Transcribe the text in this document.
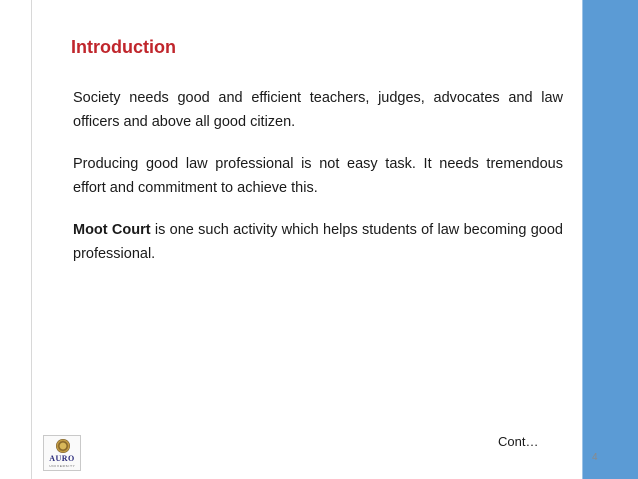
Introduction

Society needs good and efficient teachers, judges, advocates and law officers and above all good citizen.

Producing good law professional is not easy task. It needs tremendous effort and commitment to achieve this.

Moot Court is one such activity which helps students of law becoming good professional.

Cont…
4
AURO
U N I V E R S I T Y
